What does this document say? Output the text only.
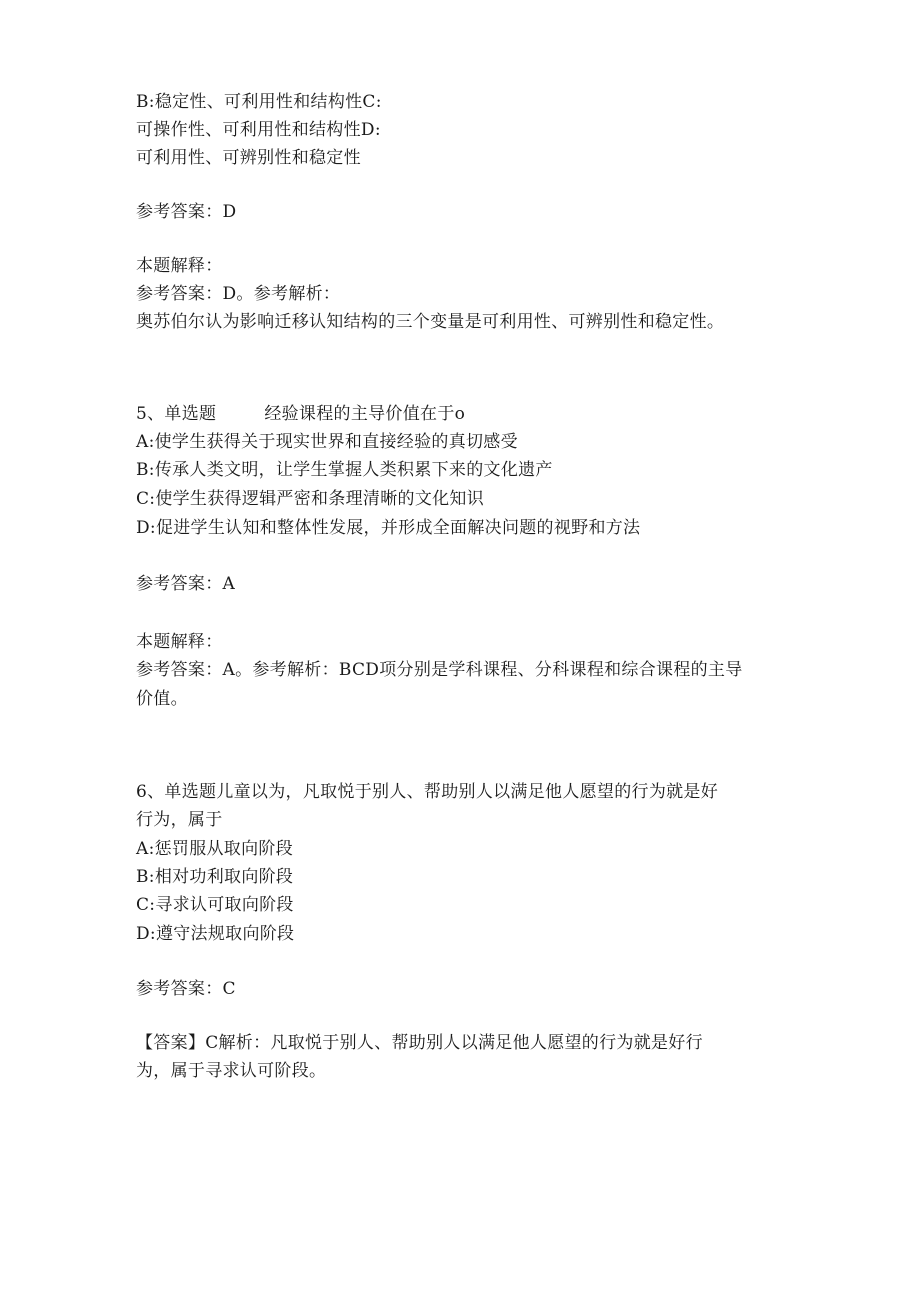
B:稳定性、可利用性和结构性C:
可操作性、可利用性和结构性D:
可利用性、可辨别性和稳定性
参考答案：D
本题解释：
参考答案：D。参考解析：
奥苏伯尔认为影响迁移认知结构的三个变量是可利用性、可辨别性和稳定性。
5、单选题	经验课程的主导价值在于o
A:使学生获得关于现实世界和直接经验的真切感受
B:传承人类文明，让学生掌握人类积累下来的文化遗产
C:使学生获得逻辑严密和条理清晰的文化知识
D:促进学生认知和整体性发展，并形成全面解决问题的视野和方法
参考答案：A
本题解释：
参考答案：A。参考解析：BCD项分别是学科课程、分科课程和综合课程的主导
价值。
6、单选题儿童以为，凡取悦于别人、帮助别人以满足他人愿望的行为就是好
行为，属于
A:惩罚服从取向阶段
B:相对功利取向阶段
C:寻求认可取向阶段
D:遵守法规取向阶段
参考答案：C
【答案】C解析：凡取悦于别人、帮助别人以满足他人愿望的行为就是好行
为，属于寻求认可阶段。
